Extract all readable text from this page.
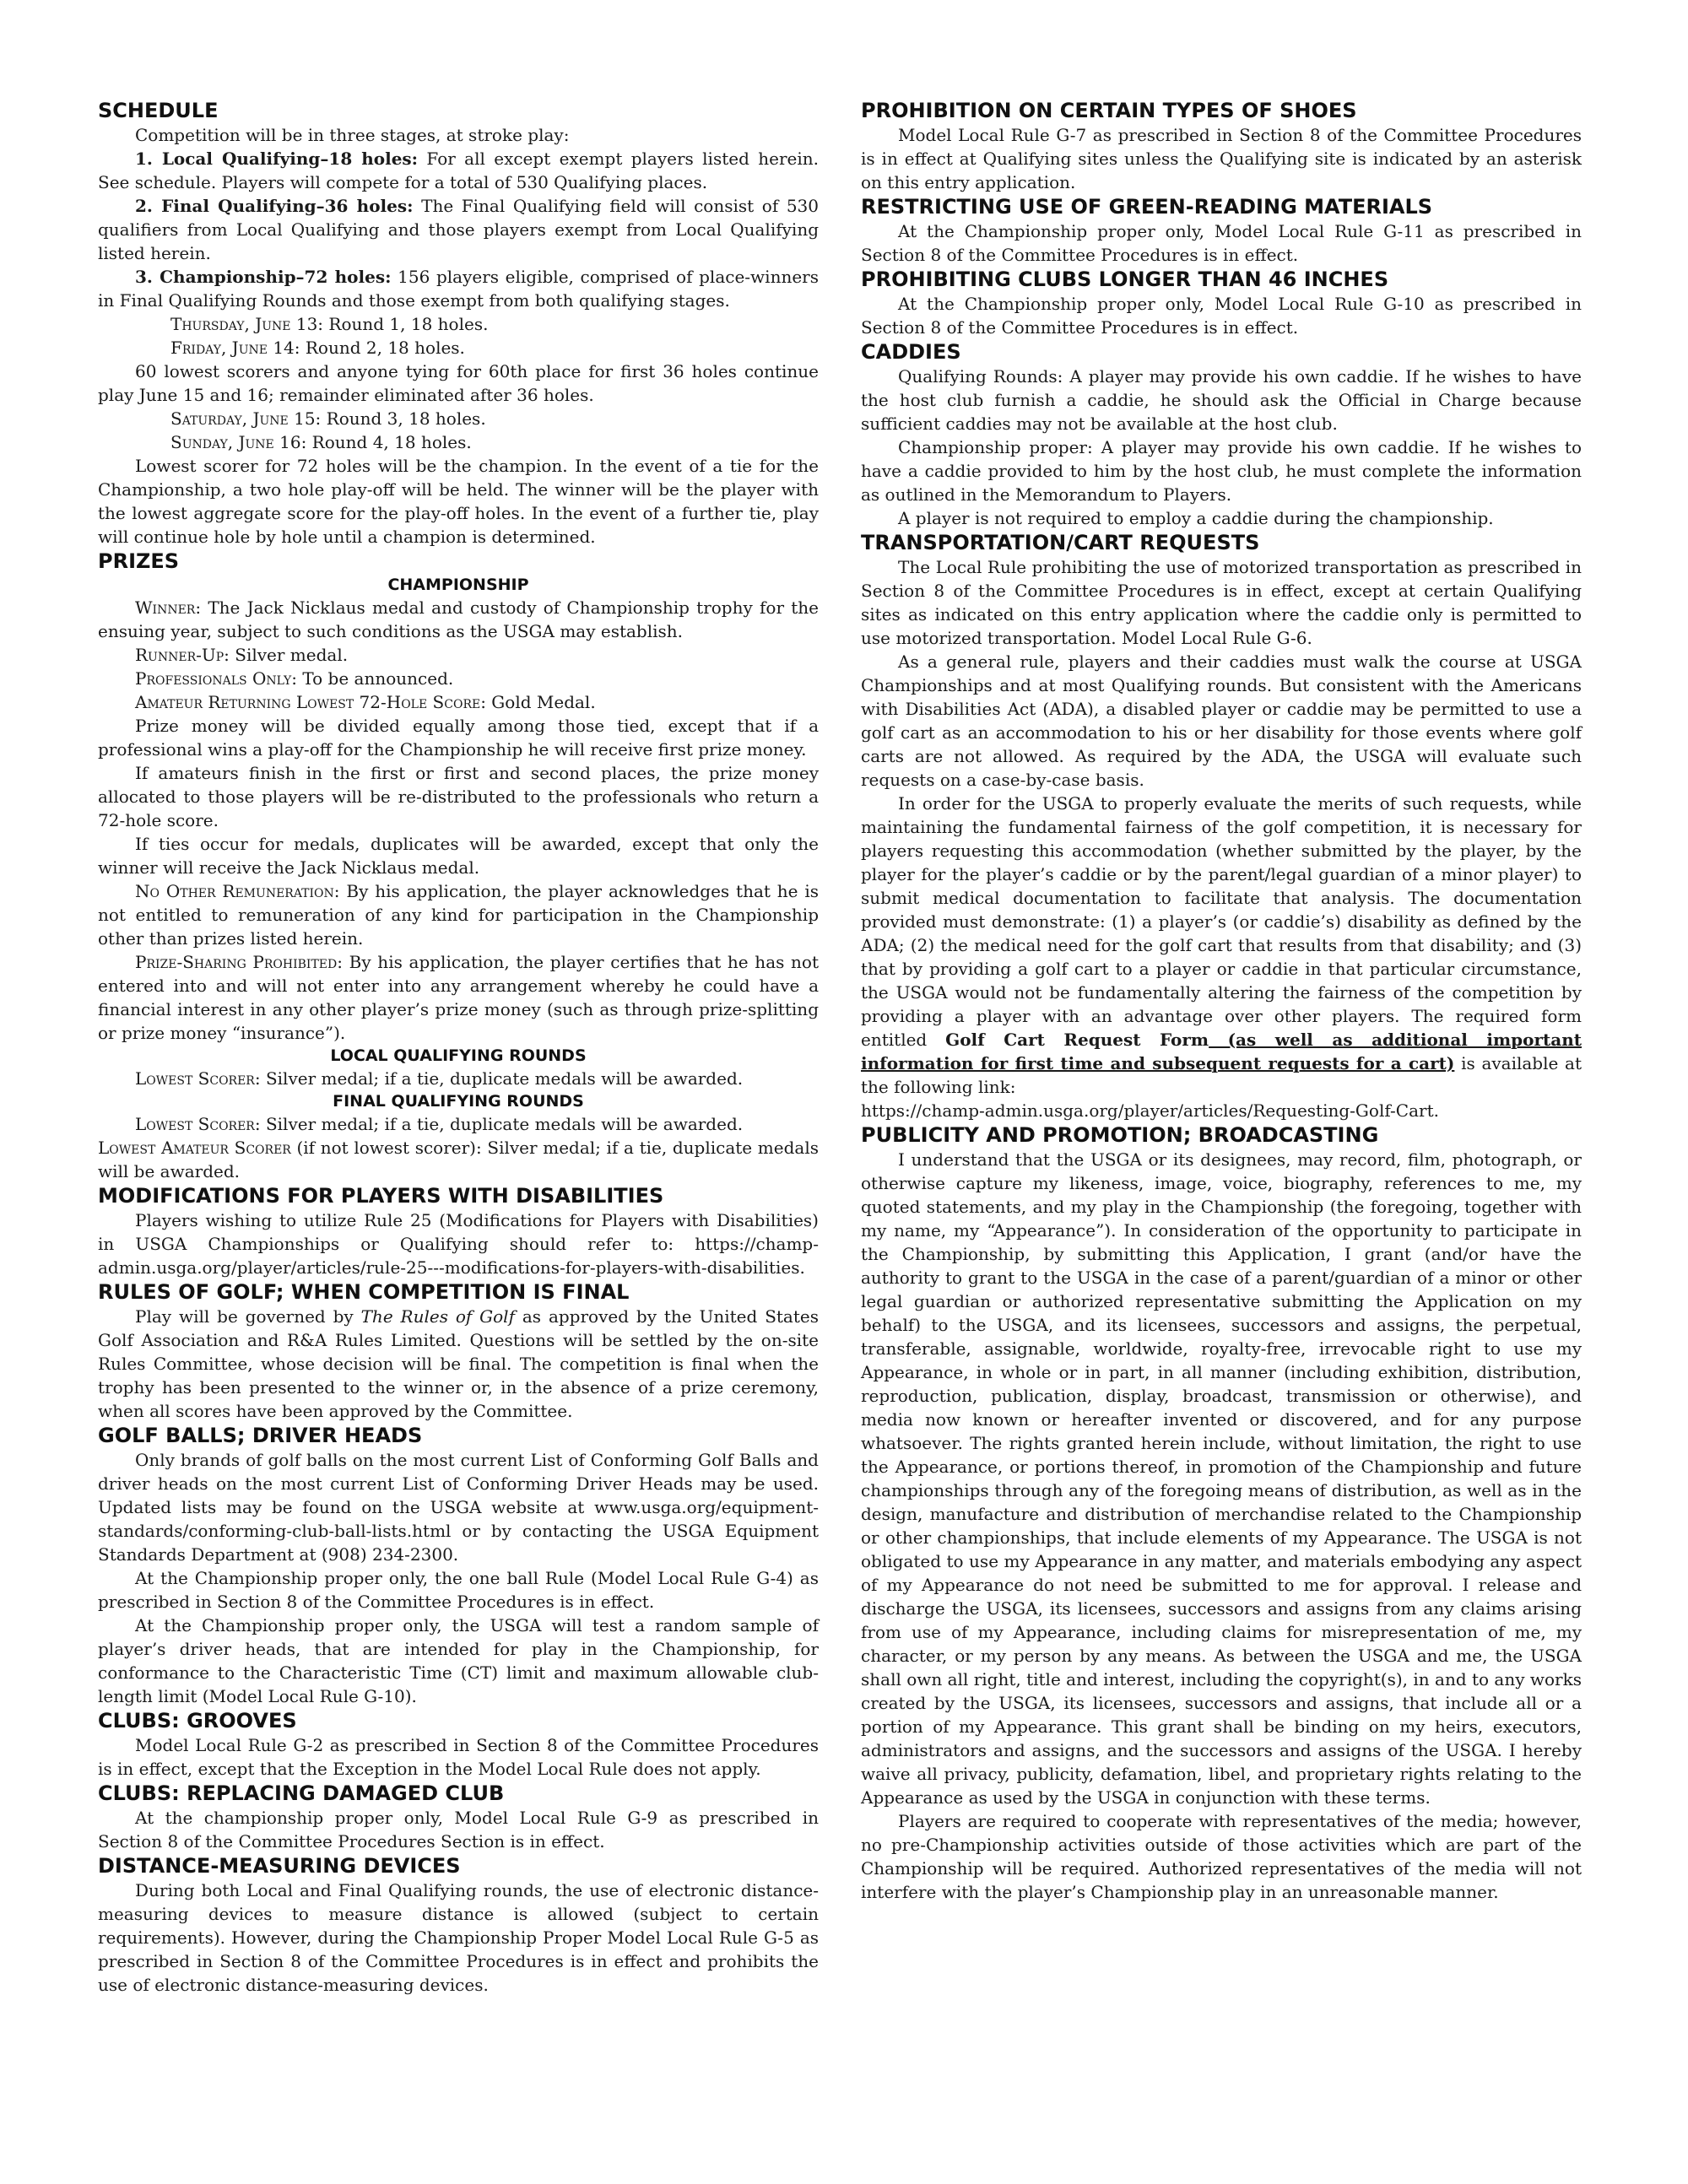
SCHEDULE

Competition will be in three stages, at stroke play:

1. Local Qualifying–18 holes: For all except exempt players listed herein. See schedule. Players will compete for a total of 530 Qualifying places.

2. Final Qualifying–36 holes: The Final Qualifying field will consist of 530 qualifiers from Local Qualifying and those players exempt from Local Qualifying listed herein.

3. Championship–72 holes: 156 players eligible, comprised of place-winners in Final Qualifying Rounds and those exempt from both qualifying stages.

Thursday, June 13: Round 1, 18 holes.

Friday, June 14: Round 2, 18 holes.

60 lowest scorers and anyone tying for 60th place for first 36 holes continue play June 15 and 16; remainder eliminated after 36 holes.

Saturday, June 15: Round 3, 18 holes.

Sunday, June 16: Round 4, 18 holes.

Lowest scorer for 72 holes will be the champion. In the event of a tie for the Championship, a two hole play-off will be held. The winner will be the player with the lowest aggregate score for the play-off holes. In the event of a further tie, play will continue hole by hole until a champion is determined.

PRIZES
CHAMPIONSHIP

Winner: The Jack Nicklaus medal and custody of Championship trophy for the ensuing year, subject to such conditions as the USGA may establish.

Runner-Up: Silver medal.

Professionals Only: To be announced.

Amateur Returning Lowest 72-Hole Score: Gold Medal.

Prize money will be divided equally among those tied, except that if a professional wins a play-off for the Championship he will receive first prize money.

If amateurs finish in the first or first and second places, the prize money allocated to those players will be re-distributed to the professionals who return a 72-hole score.

If ties occur for medals, duplicates will be awarded, except that only the winner will receive the Jack Nicklaus medal.

No Other Remuneration: By his application, the player acknowledges that he is not entitled to remuneration of any kind for participation in the Championship other than prizes listed herein.

Prize-Sharing Prohibited: By his application, the player certifies that he has not entered into and will not enter into any arrangement whereby he could have a financial interest in any other player’s prize money (such as through prize-splitting or prize money “insurance”).

LOCAL QUALIFYING ROUNDS

Lowest Scorer: Silver medal; if a tie, duplicate medals will be awarded.

FINAL QUALIFYING ROUNDS

Lowest Scorer: Silver medal; if a tie, duplicate medals will be awarded.

Lowest Amateur Scorer (if not lowest scorer): Silver medal; if a tie, duplicate medals will be awarded.

MODIFICATIONS FOR PLAYERS WITH DISABILITIES

Players wishing to utilize Rule 25 (Modifications for Players with Disabilities) in USGA Championships or Qualifying should refer to: https://champ-admin.usga.org/player/articles/rule-25---modifications-for-players-with-disabilities.

RULES OF GOLF; WHEN COMPETITION IS FINAL

Play will be governed by The Rules of Golf as approved by the United States Golf Association and R&A Rules Limited. Questions will be settled by the on-site Rules Committee, whose decision will be final. The competition is final when the trophy has been presented to the winner or, in the absence of a prize ceremony, when all scores have been approved by the Committee.

GOLF BALLS; DRIVER HEADS

Only brands of golf balls on the most current List of Conforming Golf Balls and driver heads on the most current List of Conforming Driver Heads may be used. Updated lists may be found on the USGA website at www.usga.org/equipment-standards/conforming-club-ball-lists.html or by contacting the USGA Equipment Standards Department at (908) 234-2300.

At the Championship proper only, the one ball Rule (Model Local Rule G-4) as prescribed in Section 8 of the Committee Procedures is in effect.

At the Championship proper only, the USGA will test a random sample of player’s driver heads, that are intended for play in the Championship, for conformance to the Characteristic Time (CT) limit and maximum allowable club-length limit (Model Local Rule G-10).

CLUBS: GROOVES

Model Local Rule G-2 as prescribed in Section 8 of the Committee Procedures is in effect, except that the Exception in the Model Local Rule does not apply.

CLUBS: REPLACING DAMAGED CLUB

At the championship proper only, Model Local Rule G-9 as prescribed in Section 8 of the Committee Procedures Section is in effect.

DISTANCE-MEASURING DEVICES

During both Local and Final Qualifying rounds, the use of electronic distance-measuring devices to measure distance is allowed (subject to certain requirements). However, during the Championship Proper Model Local Rule G-5 as prescribed in Section 8 of the Committee Procedures is in effect and prohibits the use of electronic distance-measuring devices.

PROHIBITION ON CERTAIN TYPES OF SHOES

Model Local Rule G-7 as prescribed in Section 8 of the Committee Procedures is in effect at Qualifying sites unless the Qualifying site is indicated by an asterisk on this entry application.

RESTRICTING USE OF GREEN-READING MATERIALS

At the Championship proper only, Model Local Rule G-11 as prescribed in Section 8 of the Committee Procedures is in effect.

PROHIBITING CLUBS LONGER THAN 46 INCHES

At the Championship proper only, Model Local Rule G-10 as prescribed in Section 8 of the Committee Procedures is in effect.

CADDIES

Qualifying Rounds: A player may provide his own caddie. If he wishes to have the host club furnish a caddie, he should ask the Official in Charge because sufficient caddies may not be available at the host club.

Championship proper: A player may provide his own caddie. If he wishes to have a caddie provided to him by the host club, he must complete the information as outlined in the Memorandum to Players.

A player is not required to employ a caddie during the championship.

TRANSPORTATION/CART REQUESTS

The Local Rule prohibiting the use of motorized transportation as prescribed in Section 8 of the Committee Procedures is in effect, except at certain Qualifying sites as indicated on this entry application where the caddie only is permitted to use motorized transportation. Model Local Rule G-6.

As a general rule, players and their caddies must walk the course at USGA Championships and at most Qualifying rounds. But consistent with the Americans with Disabilities Act (ADA), a disabled player or caddie may be permitted to use a golf cart as an accommodation to his or her disability for those events where golf carts are not allowed. As required by the ADA, the USGA will evaluate such requests on a case-by-case basis.

In order for the USGA to properly evaluate the merits of such requests, while maintaining the fundamental fairness of the golf competition, it is necessary for players requesting this accommodation (whether submitted by the player, by the player for the player’s caddie or by the parent/legal guardian of a minor player) to submit medical documentation to facilitate that analysis. The documentation provided must demonstrate: (1) a player’s (or caddie’s) disability as defined by the ADA; (2) the medical need for the golf cart that results from that disability; and (3) that by providing a golf cart to a player or caddie in that particular circumstance, the USGA would not be fundamentally altering the fairness of the competition by providing a player with an advantage over other players. The required form entitled Golf Cart Request Form (as well as additional important information for first time and subsequent requests for a cart) is available at the following link:

https://champ-admin.usga.org/player/articles/Requesting-Golf-Cart.

PUBLICITY AND PROMOTION; BROADCASTING

I understand that the USGA or its designees, may record, film, photograph, or otherwise capture my likeness, image, voice, biography, references to me, my quoted statements, and my play in the Championship (the foregoing, together with my name, my “Appearance”). In consideration of the opportunity to participate in the Championship, by submitting this Application, I grant (and/or have the authority to grant to the USGA in the case of a parent/guardian of a minor or other legal guardian or authorized representative submitting the Application on my behalf) to the USGA, and its licensees, successors and assigns, the perpetual, transferable, assignable, worldwide, royalty-free, irrevocable right to use my Appearance, in whole or in part, in all manner (including exhibition, distribution, reproduction, publication, display, broadcast, transmission or otherwise), and media now known or hereafter invented or discovered, and for any purpose whatsoever. The rights granted herein include, without limitation, the right to use the Appearance, or portions thereof, in promotion of the Championship and future championships through any of the foregoing means of distribution, as well as in the design, manufacture and distribution of merchandise related to the Championship or other championships, that include elements of my Appearance. The USGA is not obligated to use my Appearance in any matter, and materials embodying any aspect of my Appearance do not need be submitted to me for approval. I release and discharge the USGA, its licensees, successors and assigns from any claims arising from use of my Appearance, including claims for misrepresentation of me, my character, or my person by any means. As between the USGA and me, the USGA shall own all right, title and interest, including the copyright(s), in and to any works created by the USGA, its licensees, successors and assigns, that include all or a portion of my Appearance. This grant shall be binding on my heirs, executors, administrators and assigns, and the successors and assigns of the USGA. I hereby waive all privacy, publicity, defamation, libel, and proprietary rights relating to the Appearance as used by the USGA in conjunction with these terms.

Players are required to cooperate with representatives of the media; however, no pre-Championship activities outside of those activities which are part of the Championship will be required. Authorized representatives of the media will not interfere with the player’s Championship play in an unreasonable manner.
